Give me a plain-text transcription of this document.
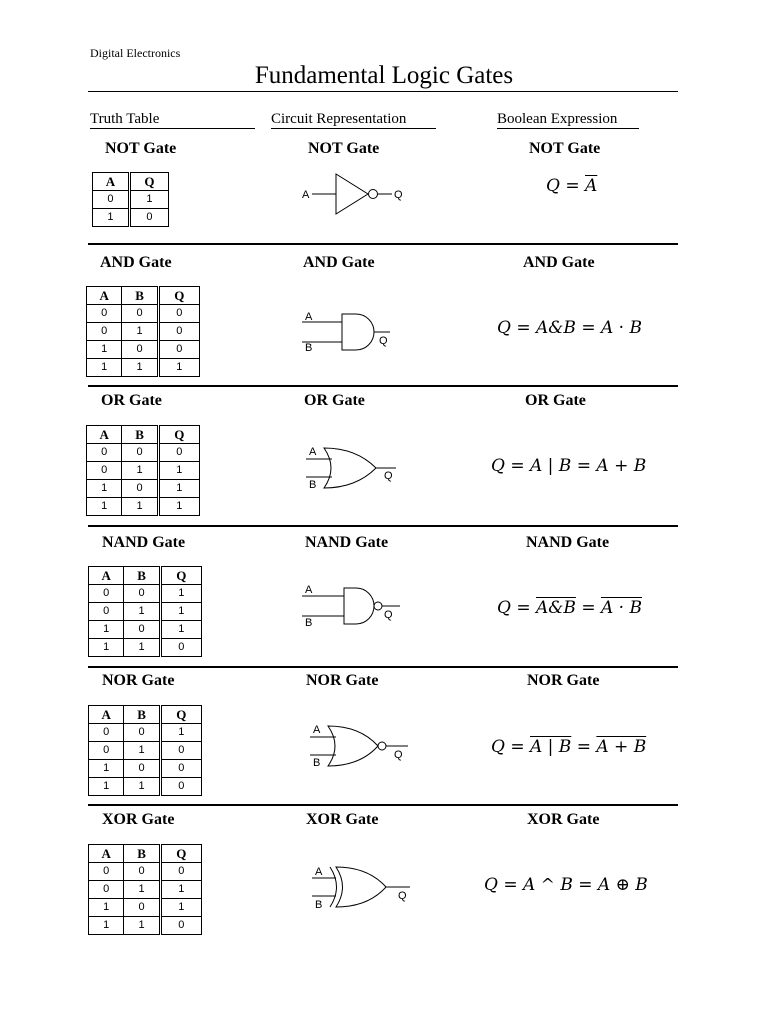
Digital Electronics
Fundamental Logic Gates
Truth Table	Circuit Representation	Boolean Expression
NOT Gate	NOT Gate	NOT Gate
A	Q
0	1
1	0
A	Q	$Q = \overline{A}$
AND Gate	AND Gate	AND Gate
A	B	Q
0	0	0
0	1	0
1	0	0
1	1	1
A
B
Q
Q = A&B = A · B
OR Gate	OR Gate	OR Gate
A	B	Q
0	0	0
0	1	1
1	0	1
1	1	1
A
B
Q	Q = A | B = A + B
NAND Gate	NAND Gate	NAND Gate
A	B	Q
0	0	1
0	1	1
1	0	1
1	1	0
A
B
Q	Q = A&B = A · B
NOR Gate	NOR Gate	NOR Gate
A	B	Q
0	0	1
0	1	0
1	0	0
1	1	0
A
B
Q	Q = A | B = A + B
XOR Gate	XOR Gate	XOR Gate
A	B	Q
0	0	0
0	1	1
1	0	1
1	1	0
A
B
Q
Q = A ^ B = A ⊕ B
